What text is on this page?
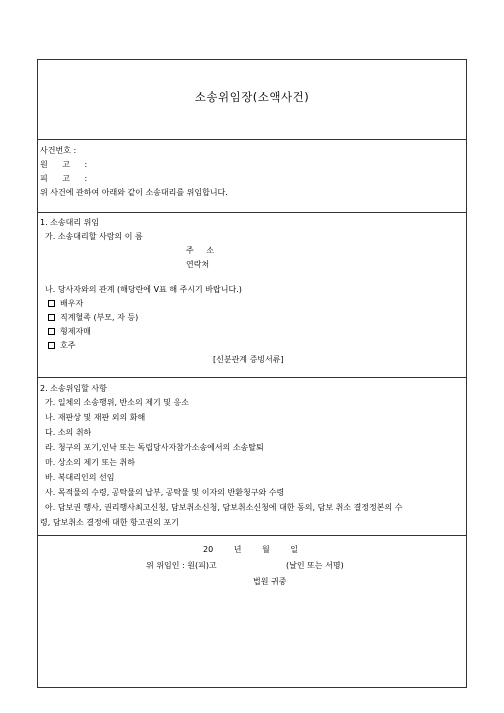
소송위임장(소액사건)
사건번호 :
원 고 :
피 고 :
위 사건에 관하여 아래와 같이 소송대리를 위임합니다.
1. 소송대리 위임
가. 소송대리할 사람의 이 름
주 소
연락처
나. 당사자와의 관계 (해당란에 V표 해 주시기 바랍니다.)
배우자
직계혈족 (부모, 자 등)
형제자매
호주
[신분관계 증빙서류]
2. 소송위임할 사항
가. 일체의 소송행위, 반소의 제기 및 응소
나. 재판상 및 재판 외의 화해
다. 소의 취하
라. 청구의 포기,인낙 또는 독립당사자참가소송에서의 소송탈퇴
마. 상소의 제기 또는 취하
바. 복대리인의 선임
사. 목적물의 수령, 공탁물의 납부, 공탁물 및 이자의 반환청구와 수령
아. 담보권 행사, 권리행사최고신청, 담보취소신청, 담보취소신청에 대한 동의, 담보 취소 결정정본의 수
령, 담보취소 결정에 대한 항고권의 포기
20 년 월 일
위 위임인 : 원(피)고	(날인 또는 서명)
법원 귀중
